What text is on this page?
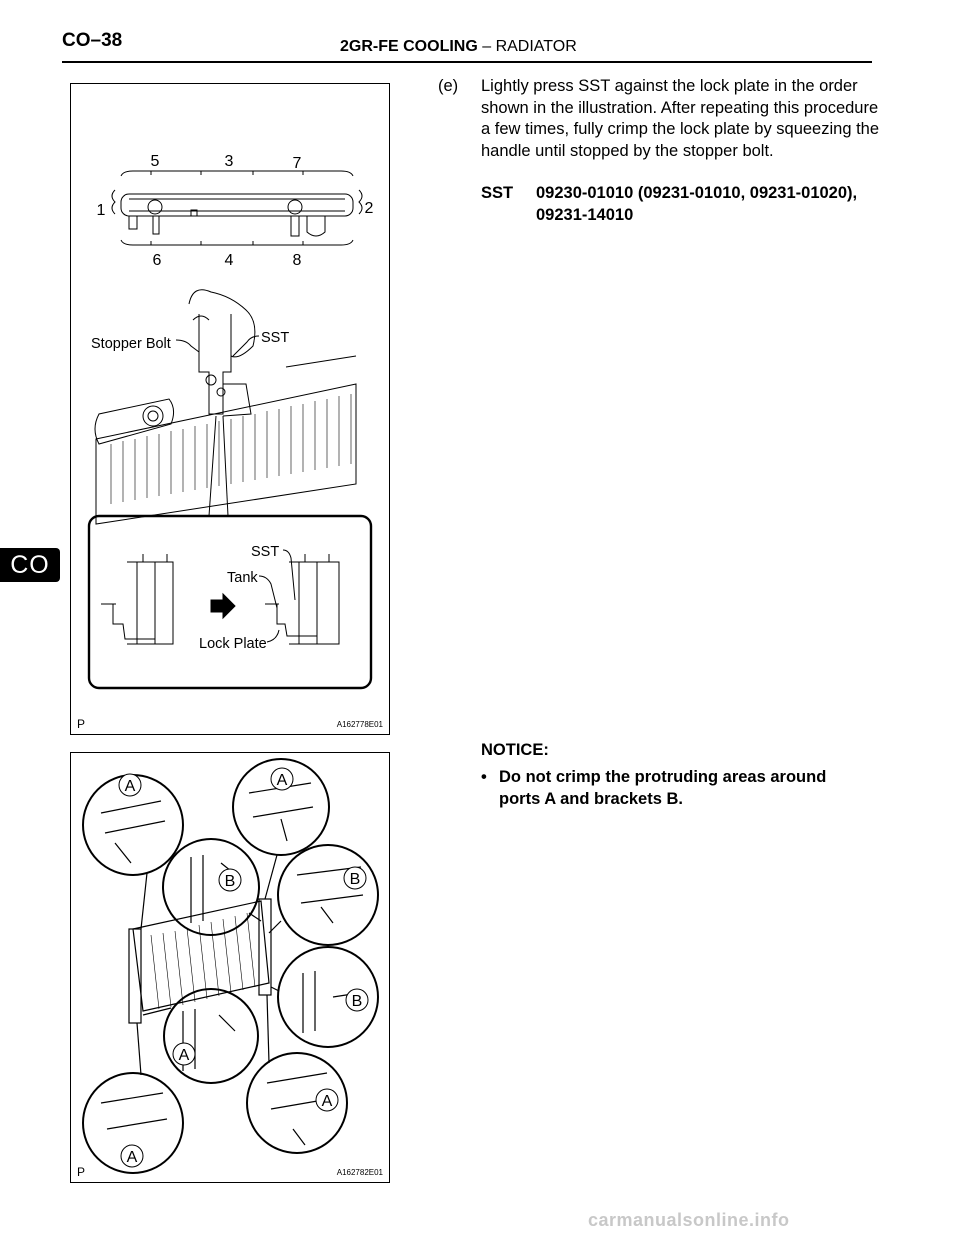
CO–38	2GR-FE COOLING – RADIATOR
CO
5	3	7
1	2
6	4	8
Stopper Bolt	SST
SST
Tank
Lock Plate
P	A162778E01
A	A
B	B
B
A
A
A
P	A162782E01
(e) Lightly press SST against the lock plate in the order shown in the illustration. After repeating this procedure a few times, fully crimp the lock plate by squeezing the handle until stopped by the stopper bolt.
SST 09230-01010 (09231-01010, 09231-01020), 09231-14010
NOTICE:
• Do not crimp the protruding areas around ports A and brackets B.
carmanualsonline.info
